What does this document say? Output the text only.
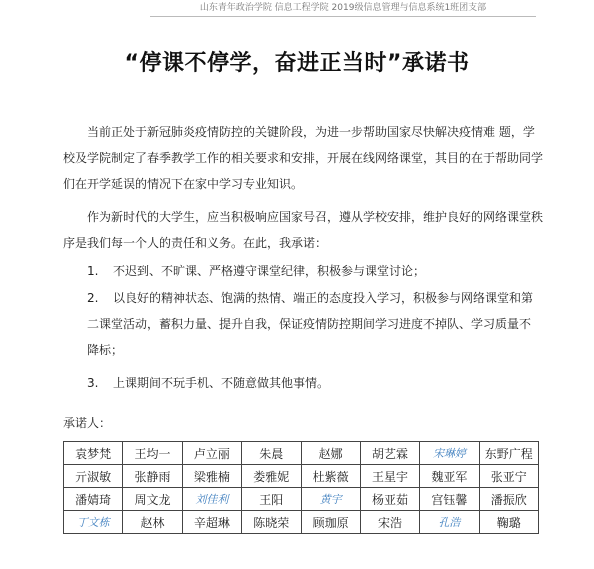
山东青年政治学院 信息工程学院 2019级信息管理与信息系统1班团支部
“停课不停学，奋进正当时”承诺书

当前正处于新冠肺炎疫情防控的关键阶段，为进一步帮助国家尽快解决疫情难 题，学校及学院制定了春季教学工作的相关要求和安排，开展在线网络课堂，其目的在于帮助同学们在开学延误的情况下在家中学习专业知识。

作为新时代的大学生，应当积极响应国家号召，遵从学校安排，维护良好的网络课堂秩序是我们每一个人的责任和义务。在此，我承诺：

1. 不迟到、不旷课、严格遵守课堂纪律，积极参与课堂讨论；

2. 以良好的精神状态、饱满的热情、端正的态度投入学习，积极参与网络课堂和第二课堂活动，蓄积力量、提升自我，保证疫情防控期间学习进度不掉队、学习质量不降标；

3. 上课期间不玩手机、不随意做其他事情。

承诺人：
袁梦梵	王均一	卢立丽	朱晨	赵娜	胡艺霖	宋琳婷	东野广程
亓淑敏	张静雨	梁雅楠	娄雅妮	杜紫薇	王星宇	魏亚军	张亚宁
潘婧琦	周文龙	刘佳利	王阳	黄宇	杨亚茹	宫钰馨	潘振欣
丁文栋	赵林	辛超琳	陈晓荣	顾珈原	宋浩	孔浩	鞠璐
